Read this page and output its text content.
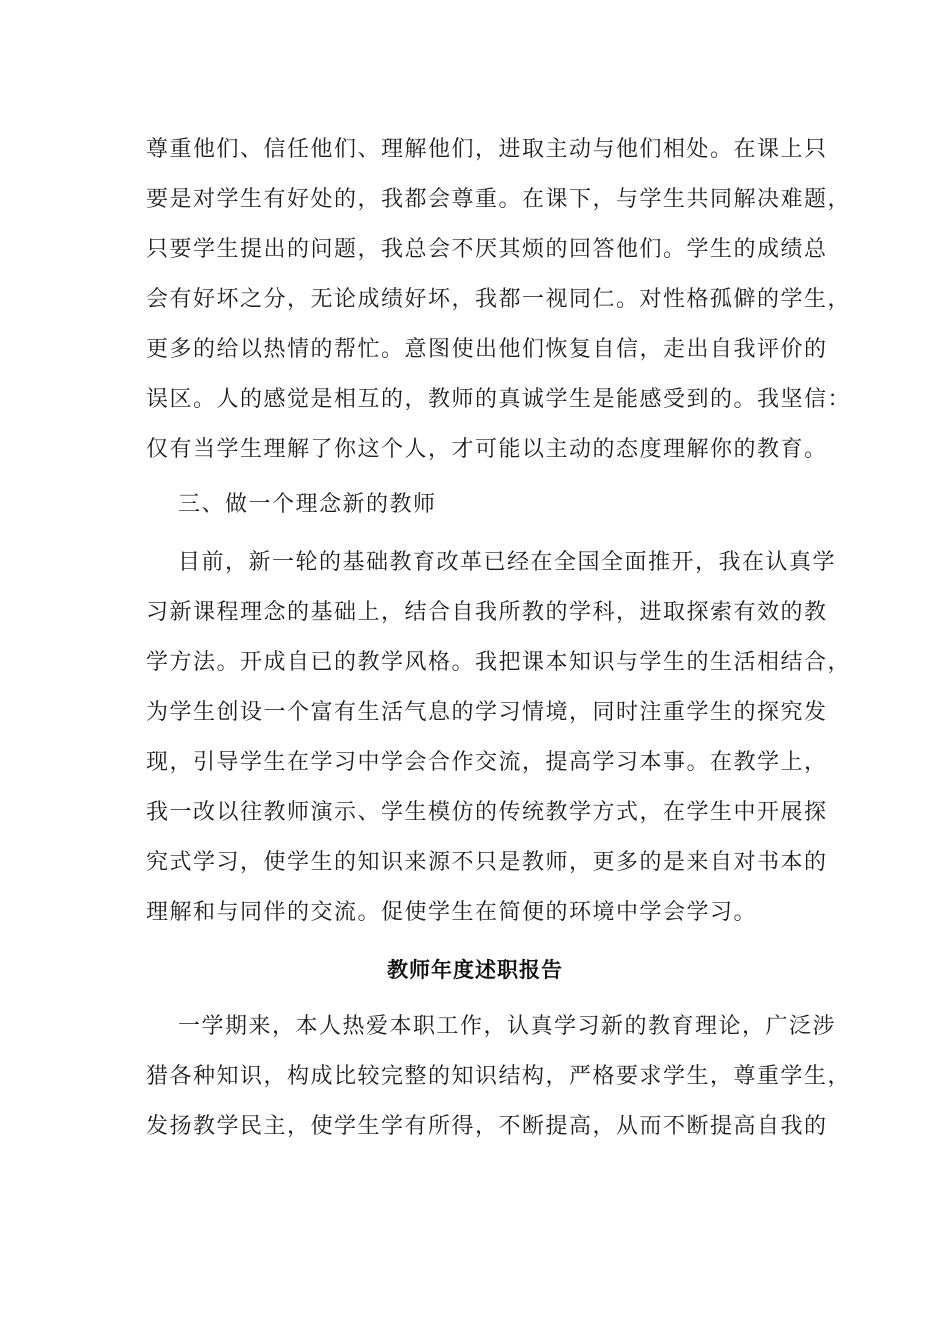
尊重他们、信任他们、理解他们，进取主动与他们相处。在课上只
要是对学生有好处的，我都会尊重。在课下，与学生共同解决难题，
只要学生提出的问题，我总会不厌其烦的回答他们。学生的成绩总
会有好坏之分，无论成绩好坏，我都一视同仁。对性格孤僻的学生，
更多的给以热情的帮忙。意图使出他们恢复自信，走出自我评价的
误区。人的感觉是相互的，教师的真诚学生是能感受到的。我坚信：
仅有当学生理解了你这个人，才可能以主动的态度理解你的教育。
三、做一个理念新的教师
目前，新一轮的基础教育改革已经在全国全面推开，我在认真学
习新课程理念的基础上，结合自我所教的学科，进取探索有效的教
学方法。开成自已的教学风格。我把课本知识与学生的生活相结合，
为学生创设一个富有生活气息的学习情境，同时注重学生的探究发
现，引导学生在学习中学会合作交流，提高学习本事。在教学上，
我一改以往教师演示、学生模仿的传统教学方式，在学生中开展探
究式学习，使学生的知识来源不只是教师，更多的是来自对书本的
理解和与同伴的交流。促使学生在简便的环境中学会学习。
教师年度述职报告
一学期来，本人热爱本职工作，认真学习新的教育理论，广泛涉
猎各种知识，构成比较完整的知识结构，严格要求学生，尊重学生，
发扬教学民主，使学生学有所得，不断提高，从而不断提高自我的
